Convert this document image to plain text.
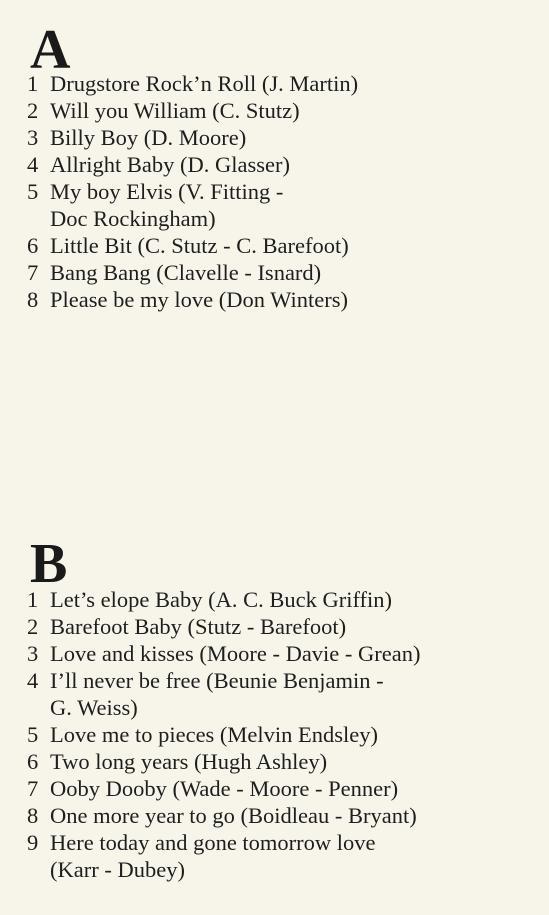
A
1 Drugstore Rock’n Roll (J. Martin)
2 Will you William (C. Stutz)
3 Billy Boy (D. Moore)
4 Allright Baby (D. Glasser)
5 My boy Elvis (V. Fitting -
Doc Rockingham)
6 Little Bit (C. Stutz - C. Barefoot)
7 Bang Bang (Clavelle - Isnard)
8 Please be my love (Don Winters)
B
1 Let’s elope Baby (A. C. Buck Griffin)
2 Barefoot Baby (Stutz - Barefoot)
3 Love and kisses (Moore - Davie - Grean)
4 I’ll never be free (Beunie Benjamin -
G. Weiss)
5 Love me to pieces (Melvin Endsley)
6 Two long years (Hugh Ashley)
7 Ooby Dooby (Wade - Moore - Penner)
8 One more year to go (Boidleau - Bryant)
9 Here today and gone tomorrow love
(Karr - Dubey)
